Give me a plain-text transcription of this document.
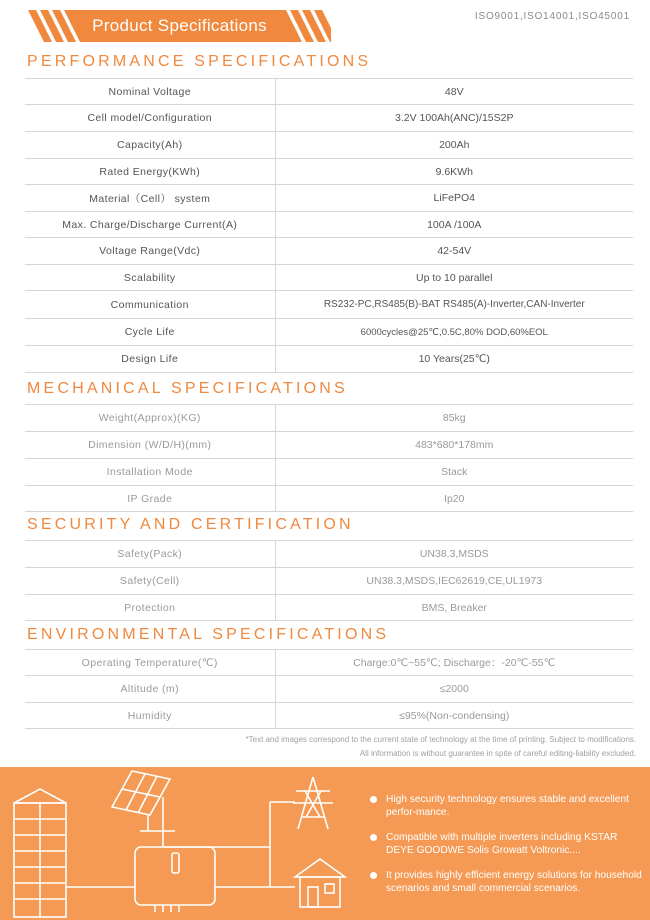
Product Specifications	ISO9001,ISO14001,ISO45001
PERFORMANCE SPECIFICATIONS
Nominal Voltage	48V
Cell model/Configuration	3.2V 100Ah(ANC)/15S2P
Capacity(Ah)	200Ah
Rated Energy(KWh)	9.6KWh
Material（Cell） system	LiFePO4
Max. Charge/Discharge Current(A)	100A /100A
Voltage Range(Vdc)	42-54V
Scalability	Up to 10 parallel
Communication	RS232-PC,RS485(B)-BAT RS485(A)-Inverter,CAN-Inverter
Cycle Life	6000cycles@25℃,0.5C,80% DOD,60%EOL
Design Life	10 Years(25℃)
MECHANICAL SPECIFICATIONS
Weight(Approx)(KG)	85kg
Dimension (W/D/H)(mm)	483*680*178mm
Installation Mode	Stack
IP Grade	Ip20
SECURITY AND CERTIFICATION
Safety(Pack)	UN38.3,MSDS
Safety(Cell)	UN38.3,MSDS,IEC62619,CE,UL1973
Protection	BMS, Breaker
ENVIRONMENTAL SPECIFICATIONS
Operating Temperature(℃)	Charge:0℃~55℃; Discharge：-20℃-55℃
Altitude (m)	≤2000
Humidity	≤95%(Non-condensing)
*Text and images correspond to the current state of technology at the time of printing. Subject to modifications.
All information is without guarantee in spite of careful editing-liability excluded.
High security technology ensures stable and excellent perfor-mance.
Compatible with multiple inverters including KSTAR DEYE GOODWE Solis Growatt Voltronic....
It provides highly efficient energy solutions for household scenarios and small commercial scenarios.
